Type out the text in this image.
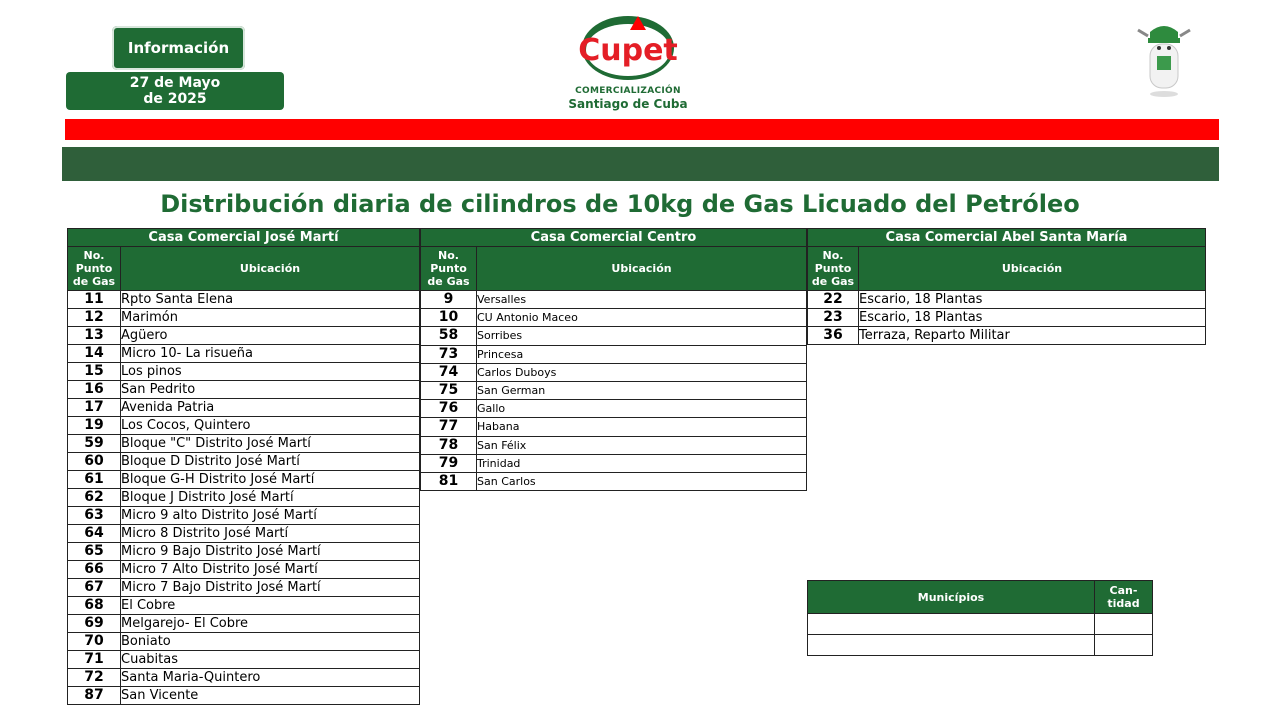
Información
27 de Mayo
de 2025
Cupet
COMERCIALIZACIÓN
Santiago de Cuba
Distribución diaria de cilindros de 10kg de Gas Licuado del Petróleo
Casa Comercial José Martí	
No.
Punto
de Gas	Ubicación
11	Rpto Santa Elena
12	Marimón
13	Agüero
14	Micro 10- La risueña
15	Los pinos
16	San Pedrito
17	Avenida Patria
19	Los Cocos, Quintero
59	Bloque "C" Distrito José Martí
60	Bloque D Distrito José Martí
61	Bloque G-H Distrito José Martí
62	Bloque J Distrito José Martí
63	Micro 9 alto Distrito José Martí
64	Micro 8 Distrito José Martí
65	Micro 9 Bajo Distrito José Martí
66	Micro 7 Alto Distrito José Martí
67	Micro 7 Bajo Distrito José Martí
68	El Cobre
69	Melgarejo- El Cobre
70	Boniato
71	Cuabitas
72	Santa Maria-Quintero
87	San Vicente
Casa Comercial Centro	
No.
Punto
de Gas	Ubicación
9	Versalles
10	CU Antonio Maceo
58	Sorribes
73	Princesa
74	Carlos Duboys
75	San German
76	Gallo
77	Habana
78	San Félix
79	Trinidad
81	San Carlos
Casa Comercial Abel Santa María	
No.
Punto
de Gas	Ubicación
22	Escario, 18 Plantas
23	Escario, 18 Plantas
36	Terraza, Reparto Militar
Municípios	Can-
tidad
